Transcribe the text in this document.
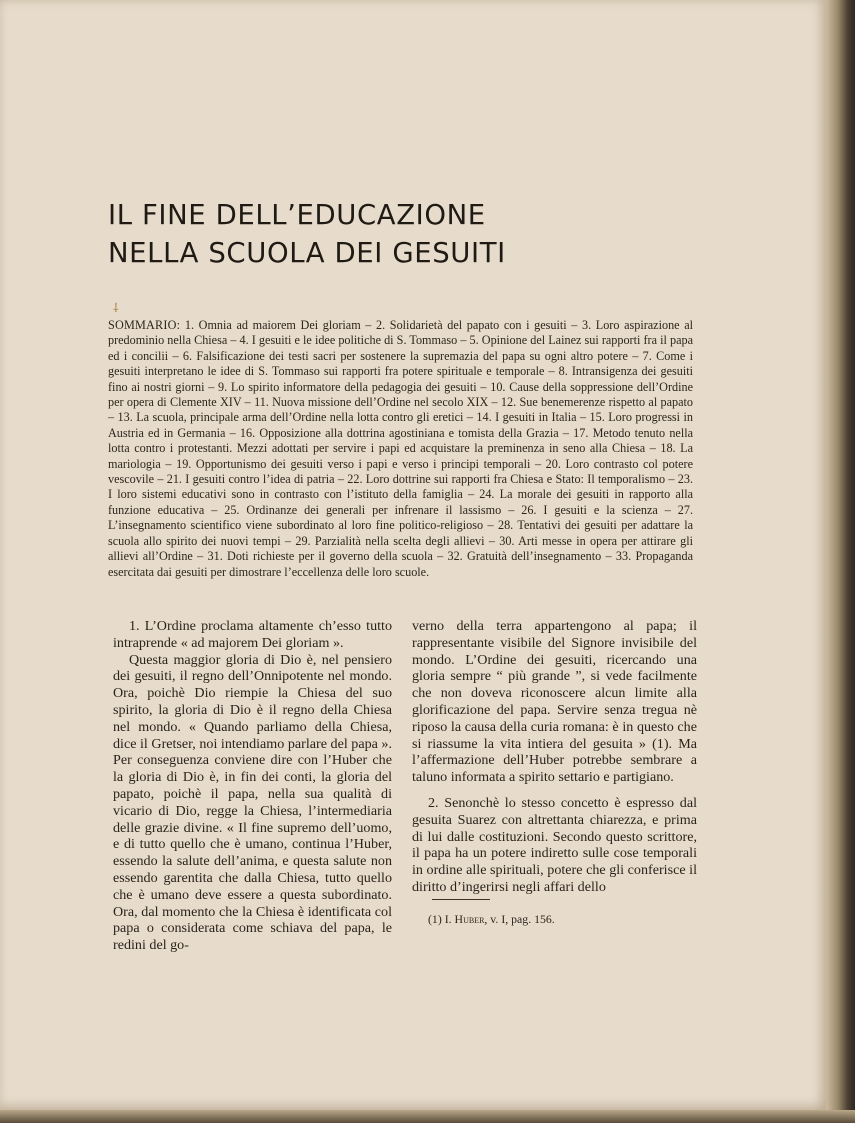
IL FINE DELL’EDUCAZIONE
NELLA SCUOLA DEI GESUITI
⸸

SOMMARIO: 1. Omnia ad maiorem Dei gloriam – 2. Solidarietà del papato con i gesuiti – 3. Loro aspirazione al predominio nella Chiesa – 4. I gesuiti e le idee politiche di S. Tommaso – 5. Opinione del Lainez sui rapporti fra il papa ed i concilii – 6. Falsificazione dei testi sacri per sostenere la supremazia del papa su ogni altro potere – 7. Come i gesuiti interpretano le idee di S. Tommaso sui rapporti fra potere spirituale e temporale – 8. Intransigenza dei gesuiti fino ai nostri giorni – 9. Lo spirito informatore della pedagogia dei gesuiti – 10. Cause della soppressione dell’Ordine per opera di Clemente XIV – 11. Nuova missione dell’Ordine nel secolo XIX – 12. Sue benemerenze rispetto al papato – 13. La scuola, principale arma dell’Ordine nella lotta contro gli eretici – 14. I gesuiti in Italia – 15. Loro progressi in Austria ed in Germania – 16. Opposizione alla dottrina agostiniana e tomista della Grazia – 17. Metodo tenuto nella lotta contro i protestanti. Mezzi adottati per servire i papi ed acquistare la preminenza in seno alla Chiesa – 18. La mariologia – 19. Opportunismo dei gesuiti verso i papi e verso i principi temporali – 20. Loro contrasto col potere vescovile – 21. I gesuiti contro l’idea di patria – 22. Loro dottrine sui rapporti fra Chiesa e Stato: Il temporalismo – 23. I loro sistemi educativi sono in contrasto con l’istituto della famiglia – 24. La morale dei gesuiti in rapporto alla funzione educativa – 25. Ordinanze dei generali per infrenare il lassismo – 26. I gesuiti e la scienza – 27. L’insegnamento scientifico viene subordinato al loro fine politico-religioso – 28. Tentativi dei gesuiti per adattare la scuola allo spirito dei nuovi tempi – 29. Parzialità nella scelta degli allievi – 30. Arti messe in opera per attirare gli allievi all’Ordine – 31. Doti richieste per il governo della scuola – 32. Gratuità dell’insegnamento – 33. Propaganda esercitata dai gesuiti per dimostrare l’eccellenza delle loro scuole.

1. L’Ordine proclama altamente ch’esso tutto intraprende « ad majorem Dei gloriam ».

Questa maggior gloria di Dio è, nel pensiero dei gesuiti, il regno dell’Onnipotente nel mondo. Ora, poichè Dio riempie la Chiesa del suo spirito, la gloria di Dio è il regno della Chiesa nel mondo. « Quando parliamo della Chiesa, dice il Gretser, noi intendiamo parlare del papa ». Per conseguenza conviene dire con l’Huber che la gloria di Dio è, in fin dei conti, la gloria del papato, poichè il papa, nella sua qualità di vicario di Dio, regge la Chiesa, l’intermediaria delle grazie divine. « Il fine supremo dell’uomo, e di tutto quello che è umano, continua l’Huber, essendo la salute dell’anima, e questa salute non essendo garentita che dalla Chiesa, tutto quello che è umano deve essere a questa subordinato. Ora, dal momento che la Chiesa è identificata col papa o considerata come schiava del papa, le redini del go-

verno della terra appartengono al papa; il rappresentante visibile del Signore invisibile del mondo. L’Ordine dei gesuiti, ricercando una gloria sempre “ più grande ”, si vede facilmente che non doveva riconoscere alcun limite alla glorificazione del papa. Servire senza tregua nè riposo la causa della curia romana: è in questo che si riassume la vita intiera del gesuita » (1). Ma l’affermazione dell’Huber potrebbe sembrare a taluno informata a spirito settario e partigiano.

2. Senonchè lo stesso concetto è espresso dal gesuita Suarez con altrettanta chiarezza, e prima di lui dalle costituzioni. Secondo questo scrittore, il papa ha un potere indiretto sulle cose temporali in ordine alle spirituali, potere che gli conferisce il diritto d’ingerirsi negli affari dello

(1) I. Huber, v. I, pag. 156.
